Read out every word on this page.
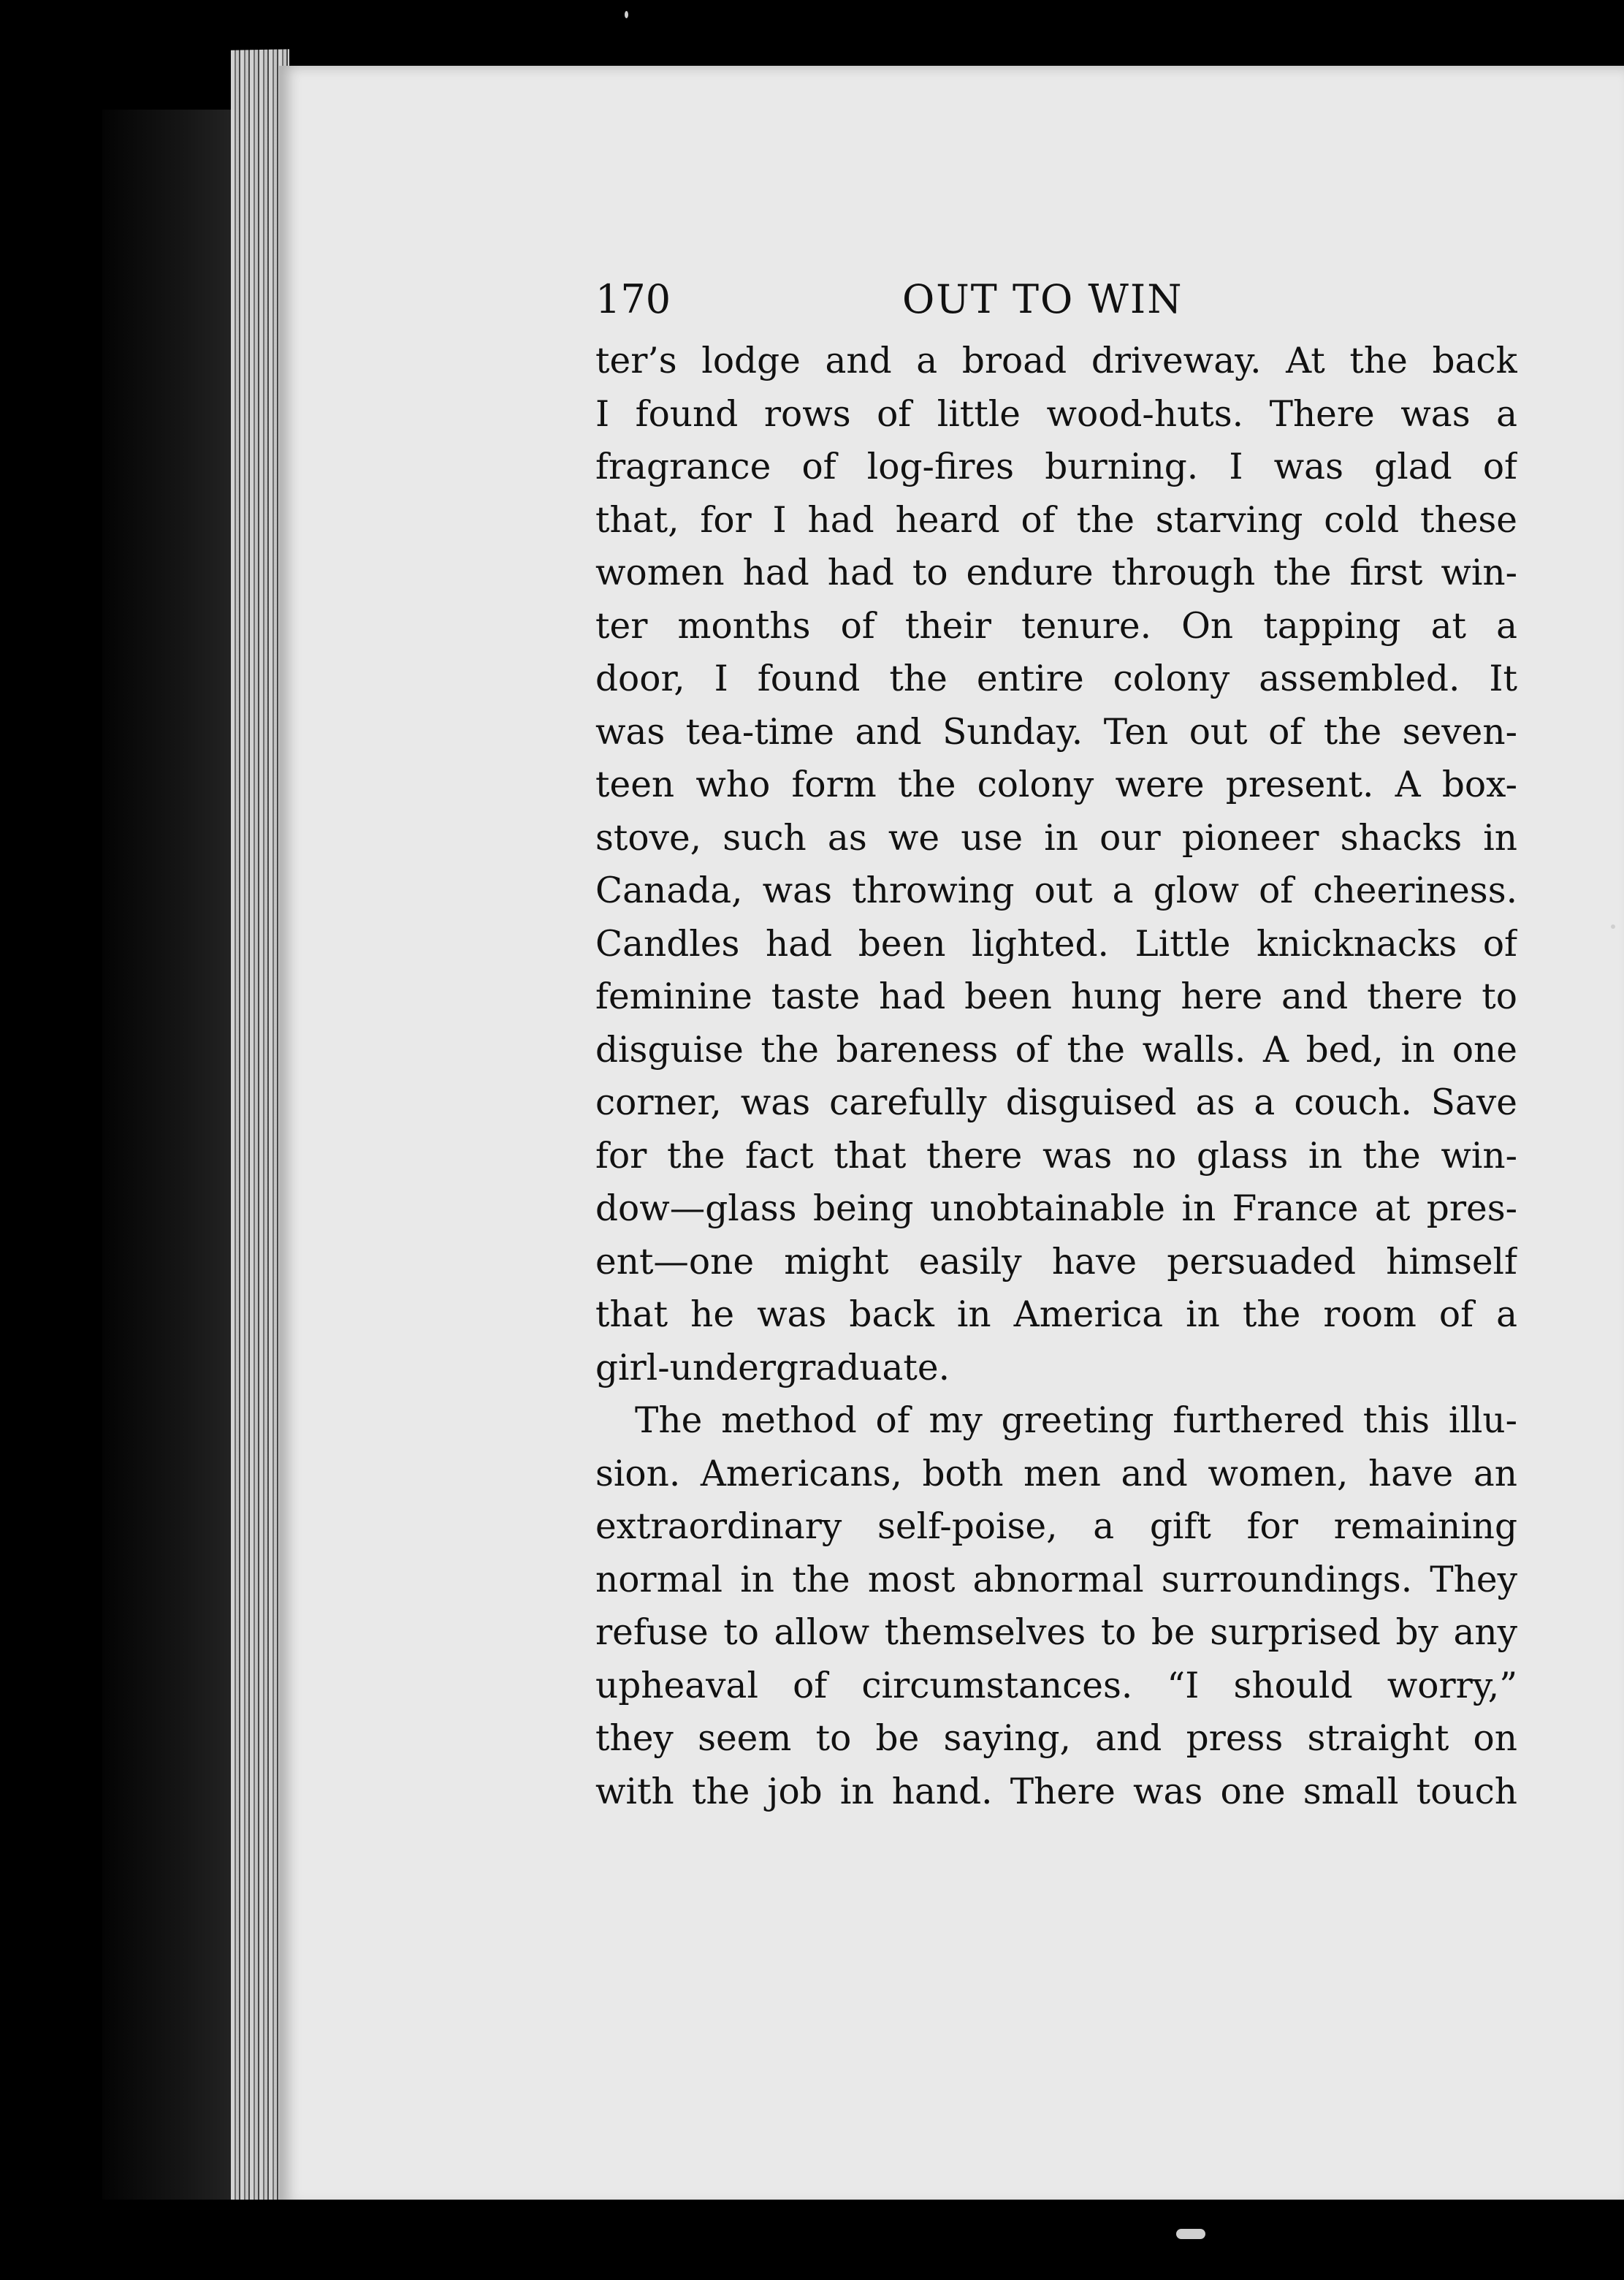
170	OUT TO WIN
ter’s lodge and a broad driveway. At the back
I found rows of little wood-huts. There was a
fragrance of log-fires burning. I was glad of
that, for I had heard of the starving cold these
women had had to endure through the first win-
ter months of their tenure. On tapping at a
door, I found the entire colony assembled. It
was tea-time and Sunday. Ten out of the seven-
teen who form the colony were present. A box-
stove, such as we use in our pioneer shacks in
Canada, was throwing out a glow of cheeriness.
Candles had been lighted. Little knicknacks of
feminine taste had been hung here and there to
disguise the bareness of the walls. A bed, in one
corner, was carefully disguised as a couch. Save
for the fact that there was no glass in the win-
dow—glass being unobtainable in France at pres-
ent—one might easily have persuaded himself
that he was back in America in the room of a
girl-undergraduate.
The method of my greeting furthered this illu-
sion. Americans, both men and women, have an
extraordinary self-poise, a gift for remaining
normal in the most abnormal surroundings. They
refuse to allow themselves to be surprised by any
upheaval of circumstances. “I should worry,”
they seem to be saying, and press straight on
with the job in hand. There was one small touch
